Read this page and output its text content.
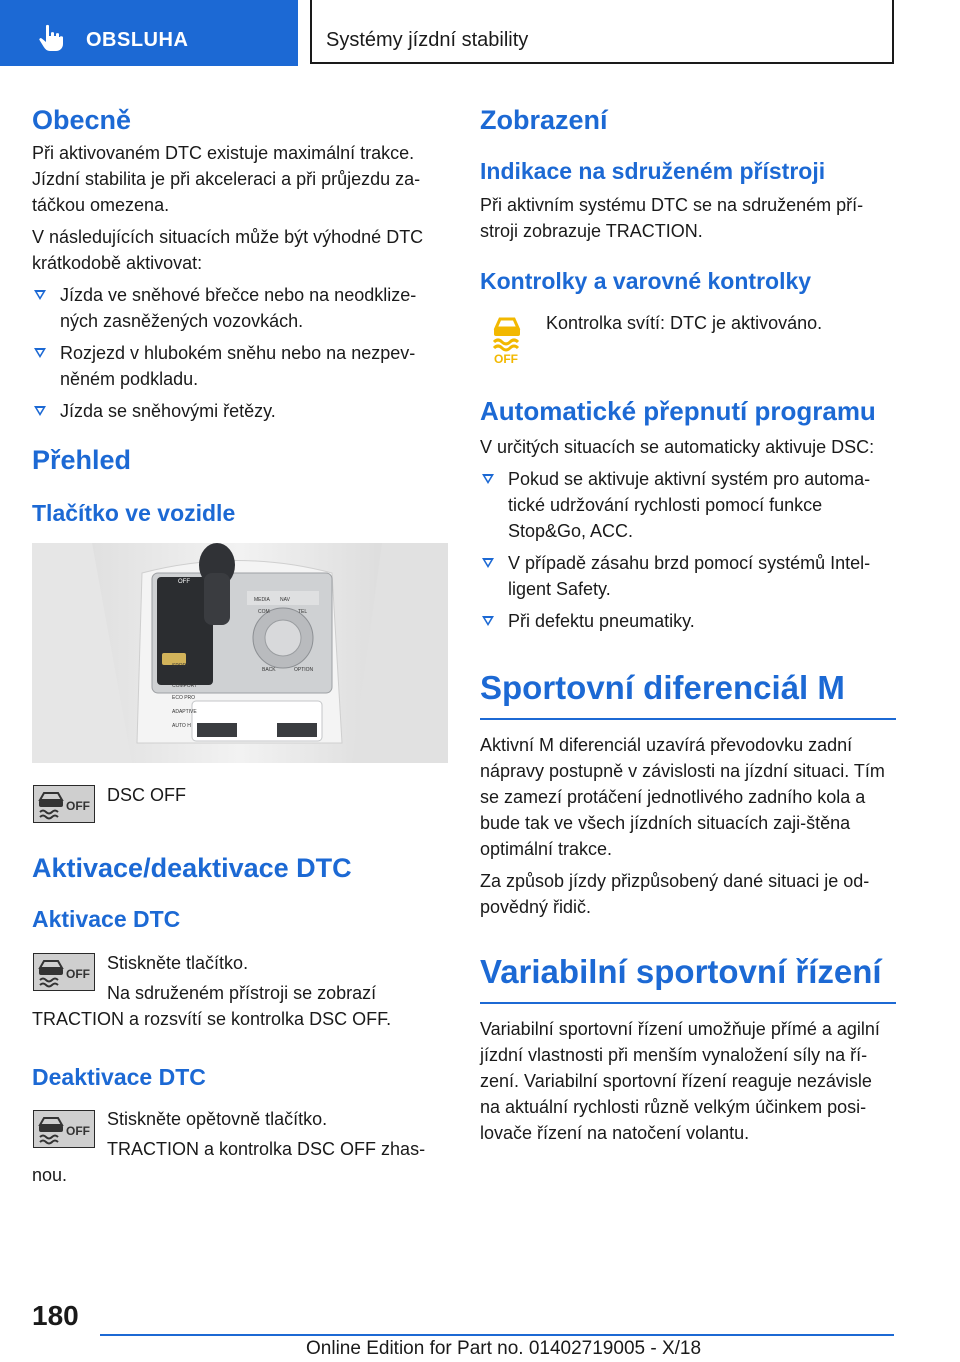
OBSLUHA	Systémy jízdní stability
Obecně

Při aktivovaném DTC existuje maximální trakce. Jízdní stabilita je při akceleraci a při průjezdu za-táčkou omezena.

V následujících situacích může být výhodné DTC krátkodobě aktivovat:

Jízda ve sněhové břečce nebo na neodklize-ných zasněžených vozovkách.
Rozjezd v hlubokém sněhu nebo na nezpev-něném podkladu.
Jízda se sněhovými řetězy.
Přehled
Tlačítko ve vozidle
OFF
MEDIA NAV
COM
SPORT
COMFORT
ECO PRO
ADAPTIVE
AUTO H
BACK	OPTION
TEL
OFF

DSC OFF

Aktivace/deaktivace DTC
Aktivace DTC
OFF

Stiskněte tlačítko.

Na sdruženém přístroji se zobrazí TRACTION a rozsvítí se kontrolka DSC OFF.

Deaktivace DTC
OFF

Stiskněte opětovně tlačítko.

TRACTION a kontrolka DSC OFF zhas-nou.

Zobrazení
Indikace na sdruženém přístroji

Při aktivním systému DTC se na sdruženém pří-stroji zobrazuje TRACTION.

Kontrolky a varovné kontrolky
OFF

Kontrolka svítí: DTC je aktivováno.

Automatické přepnutí programu

V určitých situacích se automaticky aktivuje DSC:

Pokud se aktivuje aktivní systém pro automa-tické udržování rychlosti pomocí funkce Stop&Go, ACC.
V případě zásahu brzd pomocí systémů Intel-ligent Safety.
Při defektu pneumatiky.
Sportovní diferenciál M

Aktivní M diferenciál uzavírá převodovku zadní nápravy postupně v závislosti na jízdní situaci. Tím se zamezí protáčení jednotlivého zadního kola a bude tak ve všech jízdních situacích zaji-štěna optimální trakce.

Za způsob jízdy přizpůsobený dané situaci je od-povědný řidič.

Variabilní sportovní řízení

Variabilní sportovní řízení umožňuje přímé a agilní jízdní vlastnosti při menším vynaložení síly na ří-zení. Variabilní sportovní řízení reaguje nezávisle na aktuální rychlosti různě velkým účinkem posi-lovače řízení na natočení volantu.

180
Online Edition for Part no. 01402719005 - X/18
